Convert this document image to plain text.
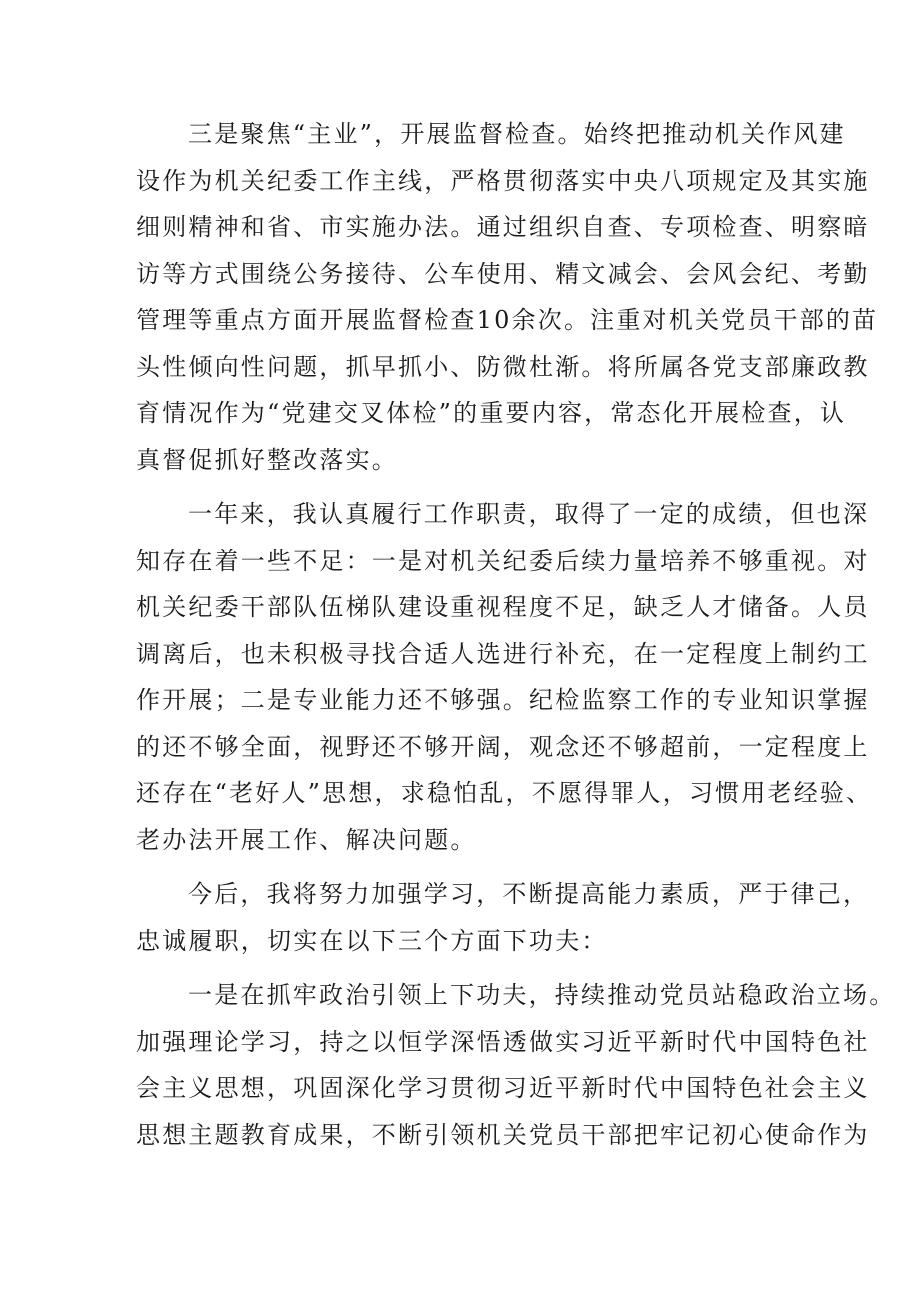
三是聚焦“主业”，开展监督检查。始终把推动机关作风建
设作为机关纪委工作主线，严格贯彻落实中央八项规定及其实施
细则精神和省、市实施办法。通过组织自查、专项检查、明察暗
访等方式围绕公务接待、公车使用、精文减会、会风会纪、考勤
管理等重点方面开展监督检查10余次。注重对机关党员干部的苗
头性倾向性问题，抓早抓小、防微杜渐。将所属各党支部廉政教
育情况作为“党建交叉体检”的重要内容，常态化开展检查，认
真督促抓好整改落实。
一年来，我认真履行工作职责，取得了一定的成绩，但也深
知存在着一些不足：一是对机关纪委后续力量培养不够重视。对
机关纪委干部队伍梯队建设重视程度不足，缺乏人才储备。人员
调离后，也未积极寻找合适人选进行补充，在一定程度上制约工
作开展；二是专业能力还不够强。纪检监察工作的专业知识掌握
的还不够全面，视野还不够开阔，观念还不够超前，一定程度上
还存在“老好人”思想，求稳怕乱，不愿得罪人，习惯用老经验、
老办法开展工作、解决问题。
今后，我将努力加强学习，不断提高能力素质，严于律己，
忠诚履职，切实在以下三个方面下功夫：
一是在抓牢政治引领上下功夫，持续推动党员站稳政治立场。
加强理论学习，持之以恒学深悟透做实习近平新时代中国特色社
会主义思想，巩固深化学习贯彻习近平新时代中国特色社会主义
思想主题教育成果，不断引领机关党员干部把牢记初心使命作为
